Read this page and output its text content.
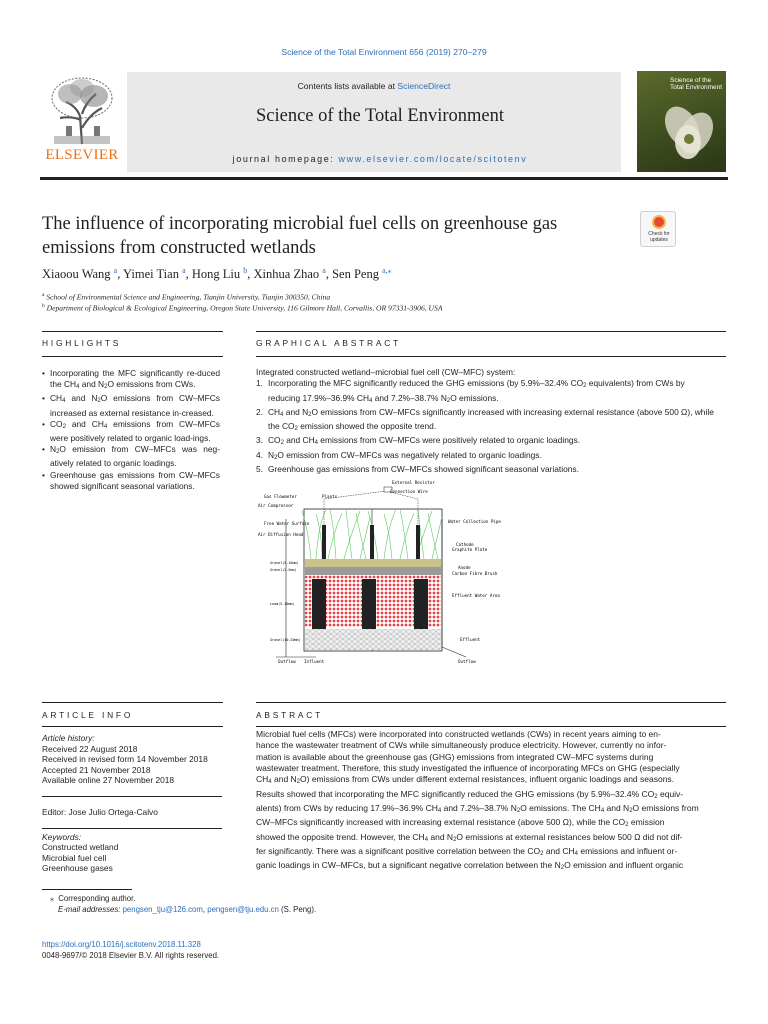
Science of the Total Environment 656 (2019) 270–279
ELSEVIER
Contents lists available at ScienceDirect
Science of the Total Environment
journal homepage: www.elsevier.com/locate/scitotenv
Science of the
Total Environment
The influence of incorporating microbial fuel cells on greenhouse gas
emissions from constructed wetlands
Check for
updates
Xiaoou Wang $^a$, Yimei Tian $^a$, Hong Liu $^b$, Xinhua Zhao $^a$, Sen Peng $^{a,⁎}$
$^a$ School of Environmental Science and Engineering, Tianjin University, Tianjin 300350, China
$^b$ Department of Biological & Ecological Engineering, Oregon State University, 116 Gilmore Hall, Corvallis, OR 97331-3906, USA
HIGHLIGHTS	GRAPHICAL ABSTRACT
• Incorporating the MFC significantly re-duced the CH4 and N2O emissions from CWs.
• CH4 and N2O emissions from CW–MFCs increased as external resistance in-creased.
• CO2 and CH4 emissions from CW–MFCs were positively related to organic load-ings.
• N2O emission from CW–MFCs was neg-atively related to organic loadings.
• Greenhouse gas emissions from CW–MFCs showed significant seasonal variations.
Integrated constructed wetland–microbial fuel cell (CW–MFC) system:
1. Incorporating the MFC significantly reduced the GHG emissions (by 5.9%–32.4% CO2 equivalents) from CWs by reducing 17.9%–36.9% CH4 and 7.2%–38.7% N2O emissions.
2. CH4 and N2O emissions from CW–MFCs significantly increased with increasing external resistance (above 500 Ω), while the CO2 emission showed the opposite trend.
3. CO2 and CH4 emissions from CW–MFCs were positively related to organic loadings.
4. N2O emission from CW–MFCs was negatively related to organic loadings.
5. Greenhouse gas emissions from CW–MFCs showed significant seasonal variations.
External Resistor
Connection Wire
Gas Flowmeter	Plants
Air Compressor
Free Water Surface
Air Diffusion Head
Water Collection Pipe
Cathode
Graphite Plate
Gravel(5-10mm)
Gravel(2-5mm)	Anode
Carbon Fibre Brush
Effluent Water Area
Loam(5-10mm)
Gravel(10-20mm)	Effluent
Outflow Influent	Outflow
ARTICLE INFO	ABSTRACT
Article history:
Received 22 August 2018
Received in revised form 14 November 2018
Accepted 21 November 2018
Available online 27 November 2018
Editor: Jose Julio Ortega-Calvo
Keywords:
Constructed wetland
Microbial fuel cell
Greenhouse gases
Microbial fuel cells (MFCs) were incorporated into constructed wetlands (CWs) in recent years aiming to en-
hance the wastewater treatment of CWs while simultaneously produce electricity. However, currently no infor-
mation is available about the greenhouse gas (GHG) emissions from integrated CW–MFC systems during
wastewater treatment. Therefore, this study investigated the influence of incorporating MFCs on GHG (especially
CH4 and N2O) emissions from CWs under different external resistances, influent organic loadings and seasons.
Results showed that incorporating the MFC significantly reduced the GHG emissions (by 5.9%–32.4% CO2 equiv-
alents) from CWs by reducing 17.9%–36.9% CH4 and 7.2%–38.7% N2O emissions. The CH4 and N2O emissions from
CW–MFCs significantly increased with increasing external resistance (above 500 Ω), while the CO2 emission
showed the opposite trend. However, the CH4 and N2O emissions at external resistances below 500 Ω did not dif-
fer significantly. There was a significant positive correlation between the CO2 and CH4 emissions and influent or-
ganic loadings in CW–MFCs, but a significant negative correlation between the N2O emission and influent organic
⁎ Corresponding author.
E-mail addresses: pengsen_tju@126.com, pengsen@tju.edu.cn (S. Peng).
https://doi.org/10.1016/j.scitotenv.2018.11.328
0048-9697/© 2018 Elsevier B.V. All rights reserved.
